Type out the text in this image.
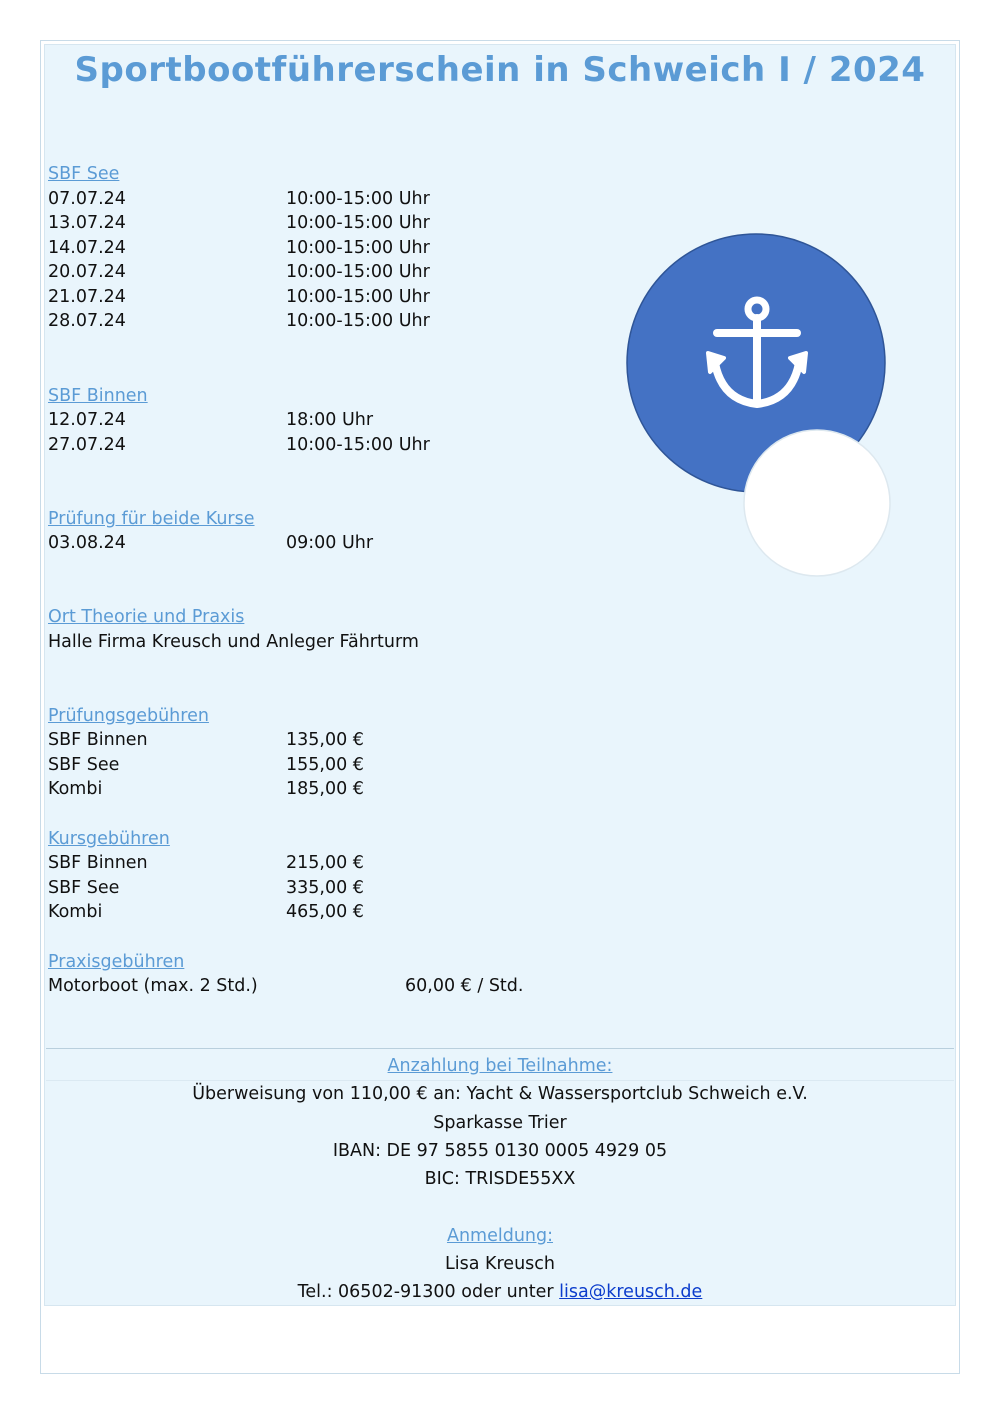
Sportbootführerschein in Schweich I / 2024
SBF See
07.07.24	10:00-15:00 Uhr
13.07.24	10:00-15:00 Uhr
14.07.24	10:00-15:00 Uhr
20.07.24	10:00-15:00 Uhr
21.07.24	10:00-15:00 Uhr
28.07.24	10:00-15:00 Uhr
SBF Binnen
12.07.24	18:00 Uhr
27.07.24	10:00-15:00 Uhr
Prüfung für beide Kurse
03.08.24	09:00 Uhr
Ort Theorie und Praxis
Halle Firma Kreusch und Anleger Fährturm
Prüfungsgebühren
SBF Binnen	135,00 €
SBF See	155,00 €
Kombi	185,00 €
Kursgebühren
SBF Binnen	215,00 €
SBF See	335,00 €
Kombi	465,00 €
Praxisgebühren
Motorboot (max. 2 Std.)	60,00 € / Std.
Anzahlung bei Teilnahme:
Überweisung von 110,00 € an: Yacht & Wassersportclub Schweich e.V.
Sparkasse Trier
IBAN: DE 97 5855 0130 0005 4929 05
BIC: TRISDE55XX
Anmeldung:
Lisa Kreusch
Tel.: 06502-91300 oder unter lisa@kreusch.de
